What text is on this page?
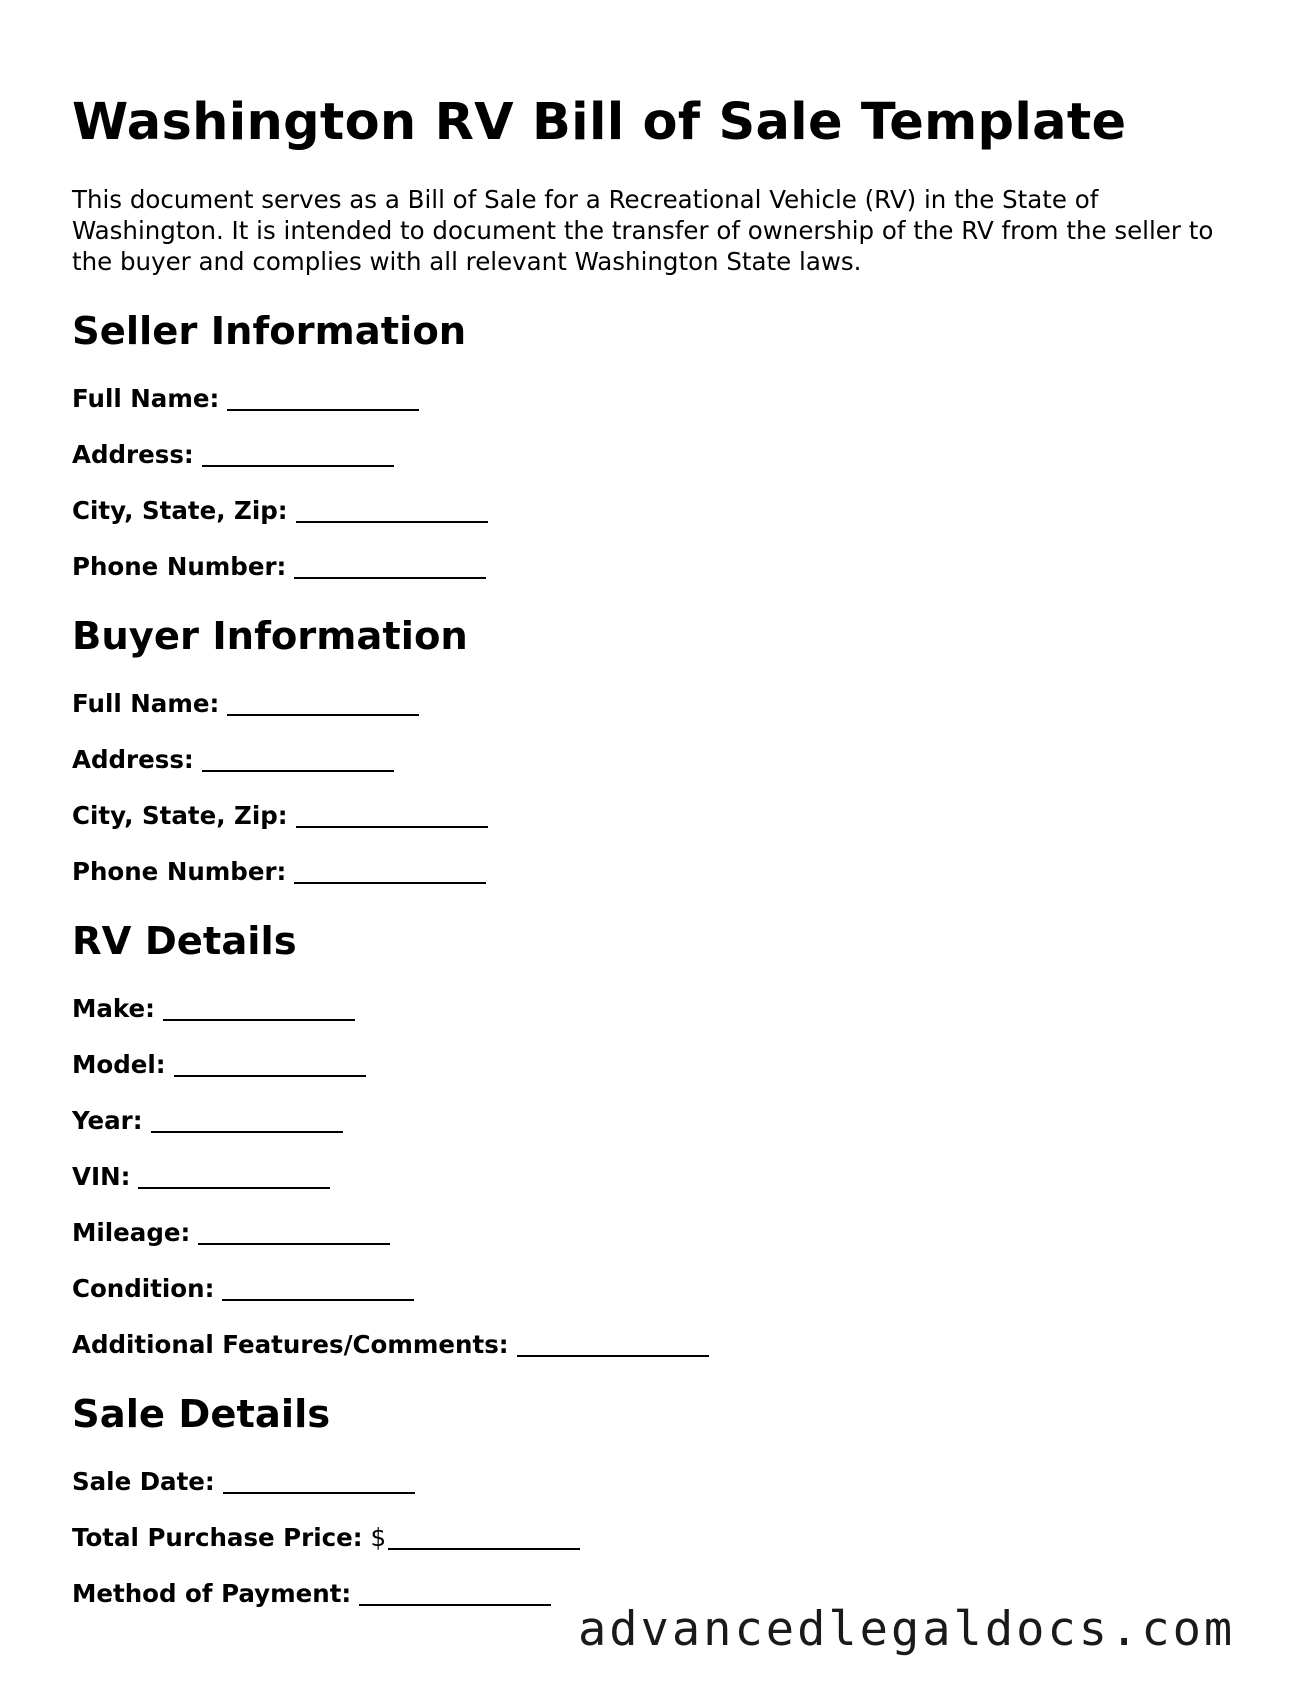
Washington RV Bill of Sale Template

This document serves as a Bill of Sale for a Recreational Vehicle (RV) in the State of Washington. It is intended to document the transfer of ownership of the RV from the seller to the buyer and complies with all relevant Washington State laws.

Seller Information
Full Name:
Address:
City, State, Zip:
Phone Number:
Buyer Information
Full Name:
Address:
City, State, Zip:
Phone Number:
RV Details
Make:
Model:
Year:
VIN:
Mileage:
Condition:
Additional Features/Comments:
Sale Details
Sale Date:
Total Purchase Price: $
Method of Payment:
advancedlegaldocs.com
